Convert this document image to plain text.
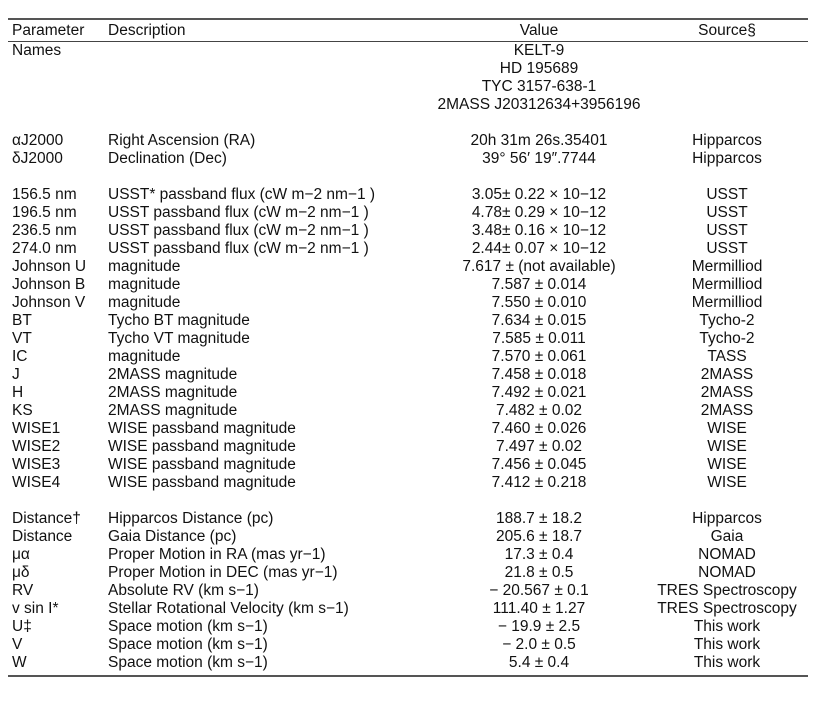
Parameter	Description	Value	Source§
Names		KELT-9
HD 195689
TYC 3157-638-1
2MASS J20312634+3956196	

αJ2000	Right Ascension (RA)	20h 31m 26s.35401	Hipparcos
δJ2000	Declination (Dec)	39° 56′ 19″.7744	Hipparcos

156.5 nm	USST* passband flux (cW m−2 nm−1 )	3.05± 0.22 × 10−12	USST
196.5 nm	USST passband flux (cW m−2 nm−1 )	4.78± 0.29 × 10−12	USST
236.5 nm	USST passband flux (cW m−2 nm−1 )	3.48± 0.16 × 10−12	USST
274.0 nm	USST passband flux (cW m−2 nm−1 )	2.44± 0.07 × 10−12	USST
Johnson U	magnitude	7.617 ± (not available)	Mermilliod
Johnson B	magnitude	7.587 ± 0.014	Mermilliod
Johnson V	magnitude	7.550 ± 0.010	Mermilliod
BT	Tycho BT magnitude	7.634 ± 0.015	Tycho-2
VT	Tycho VT magnitude	7.585 ± 0.011	Tycho-2
IC	magnitude	7.570 ± 0.061	TASS
J	2MASS magnitude	7.458 ± 0.018	2MASS
H	2MASS magnitude	7.492 ± 0.021	2MASS
KS	2MASS magnitude	7.482 ± 0.02	2MASS
WISE1	WISE passband magnitude	7.460 ± 0.026	WISE
WISE2	WISE passband magnitude	7.497 ± 0.02	WISE
WISE3	WISE passband magnitude	7.456 ± 0.045	WISE
WISE4	WISE passband magnitude	7.412 ± 0.218	WISE

Distance†	Hipparcos Distance (pc)	188.7 ± 18.2	Hipparcos
Distance	Gaia Distance (pc)	205.6 ± 18.7	Gaia
μα	Proper Motion in RA (mas yr−1)	17.3 ± 0.4	NOMAD
μδ	Proper Motion in DEC (mas yr−1)	21.8 ± 0.5	NOMAD
RV	Absolute RV (km s−1)	− 20.567 ± 0.1	TRES Spectroscopy
v sin I*	Stellar Rotational Velocity (km s−1)	111.40 ± 1.27	TRES Spectroscopy
U‡	Space motion (km s−1)	− 19.9 ± 2.5	This work
V	Space motion (km s−1)	− 2.0 ± 0.5	This work
W	Space motion (km s−1)	5.4 ± 0.4	This work
